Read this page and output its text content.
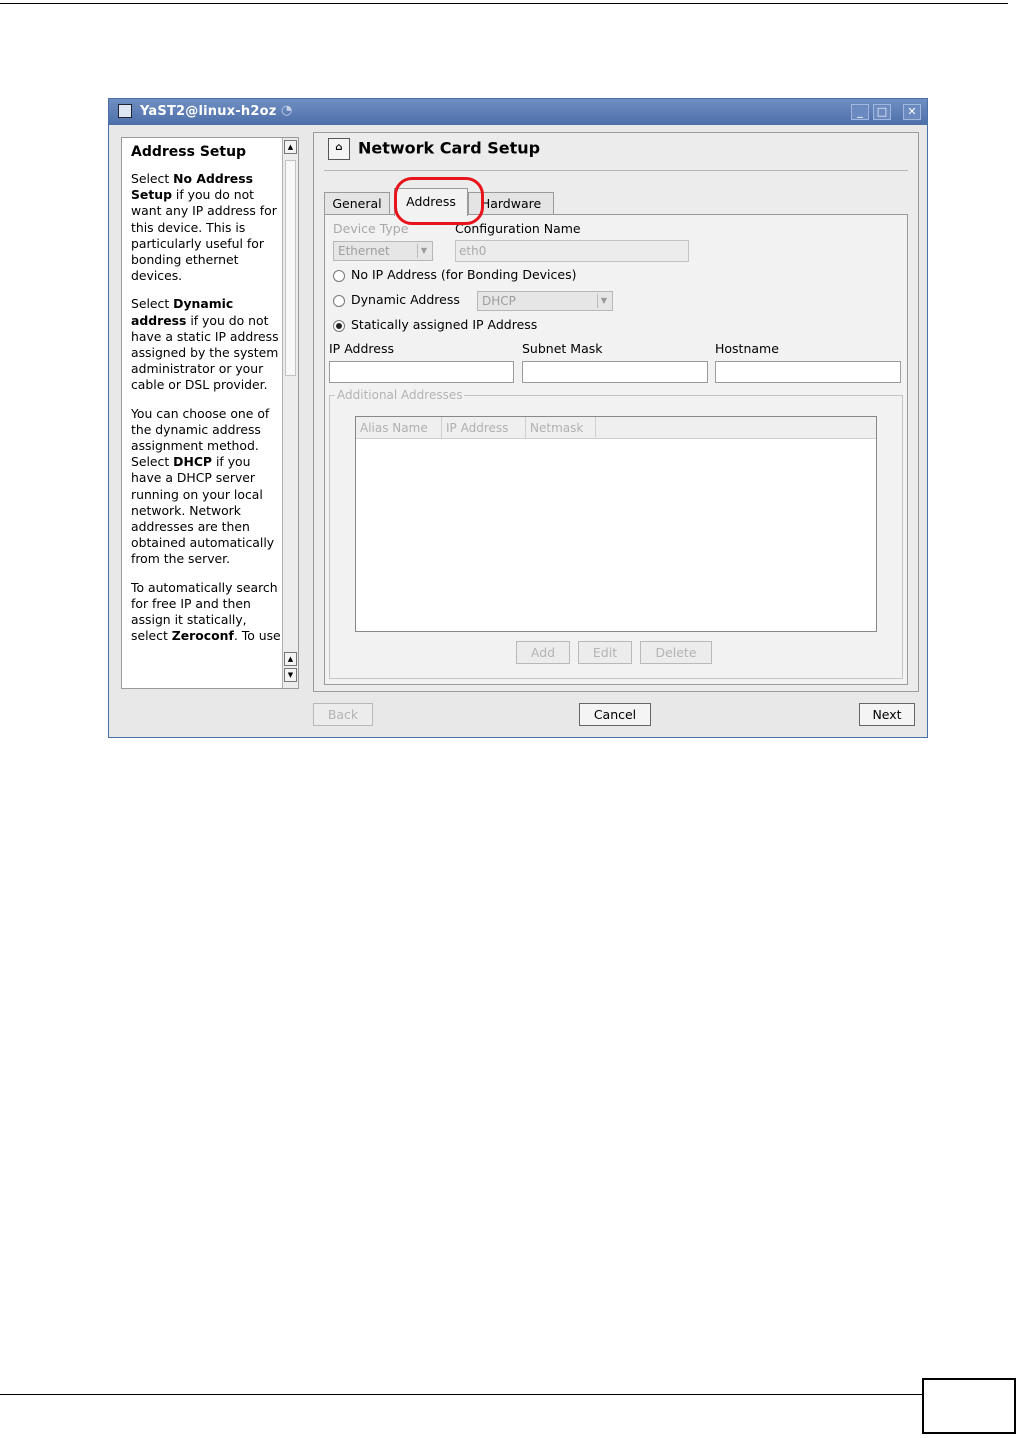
YaST2@linux-h2oz ◔	_	□	✕
Address Setup
Select No Address Setup if you do not want any IP address for this device. This is particularly useful for bonding ethernet devices.
Select Dynamic address if you do not have a static IP address assigned by the system administrator or your cable or DSL provider.
You can choose one of the dynamic address assignment method. Select DHCP if you have a DHCP server running on your local network. Network addresses are then obtained automatically from the server.
To automatically search for free IP and then assign it statically, select Zeroconf. To use
▲
▲
▼
⌂ Network Card Setup
General	Address	Hardware
Device Type	Configuration Name
Ethernet	▼	eth0
No IP Address (for Bonding Devices)
Dynamic Address	DHCP	▼
Statically assigned IP Address
IP Address	Subnet Mask	Hostname
Additional Addresses
Alias Name	IP Address	Netmask
Add	Edit	Delete
Back	Cancel	Next
